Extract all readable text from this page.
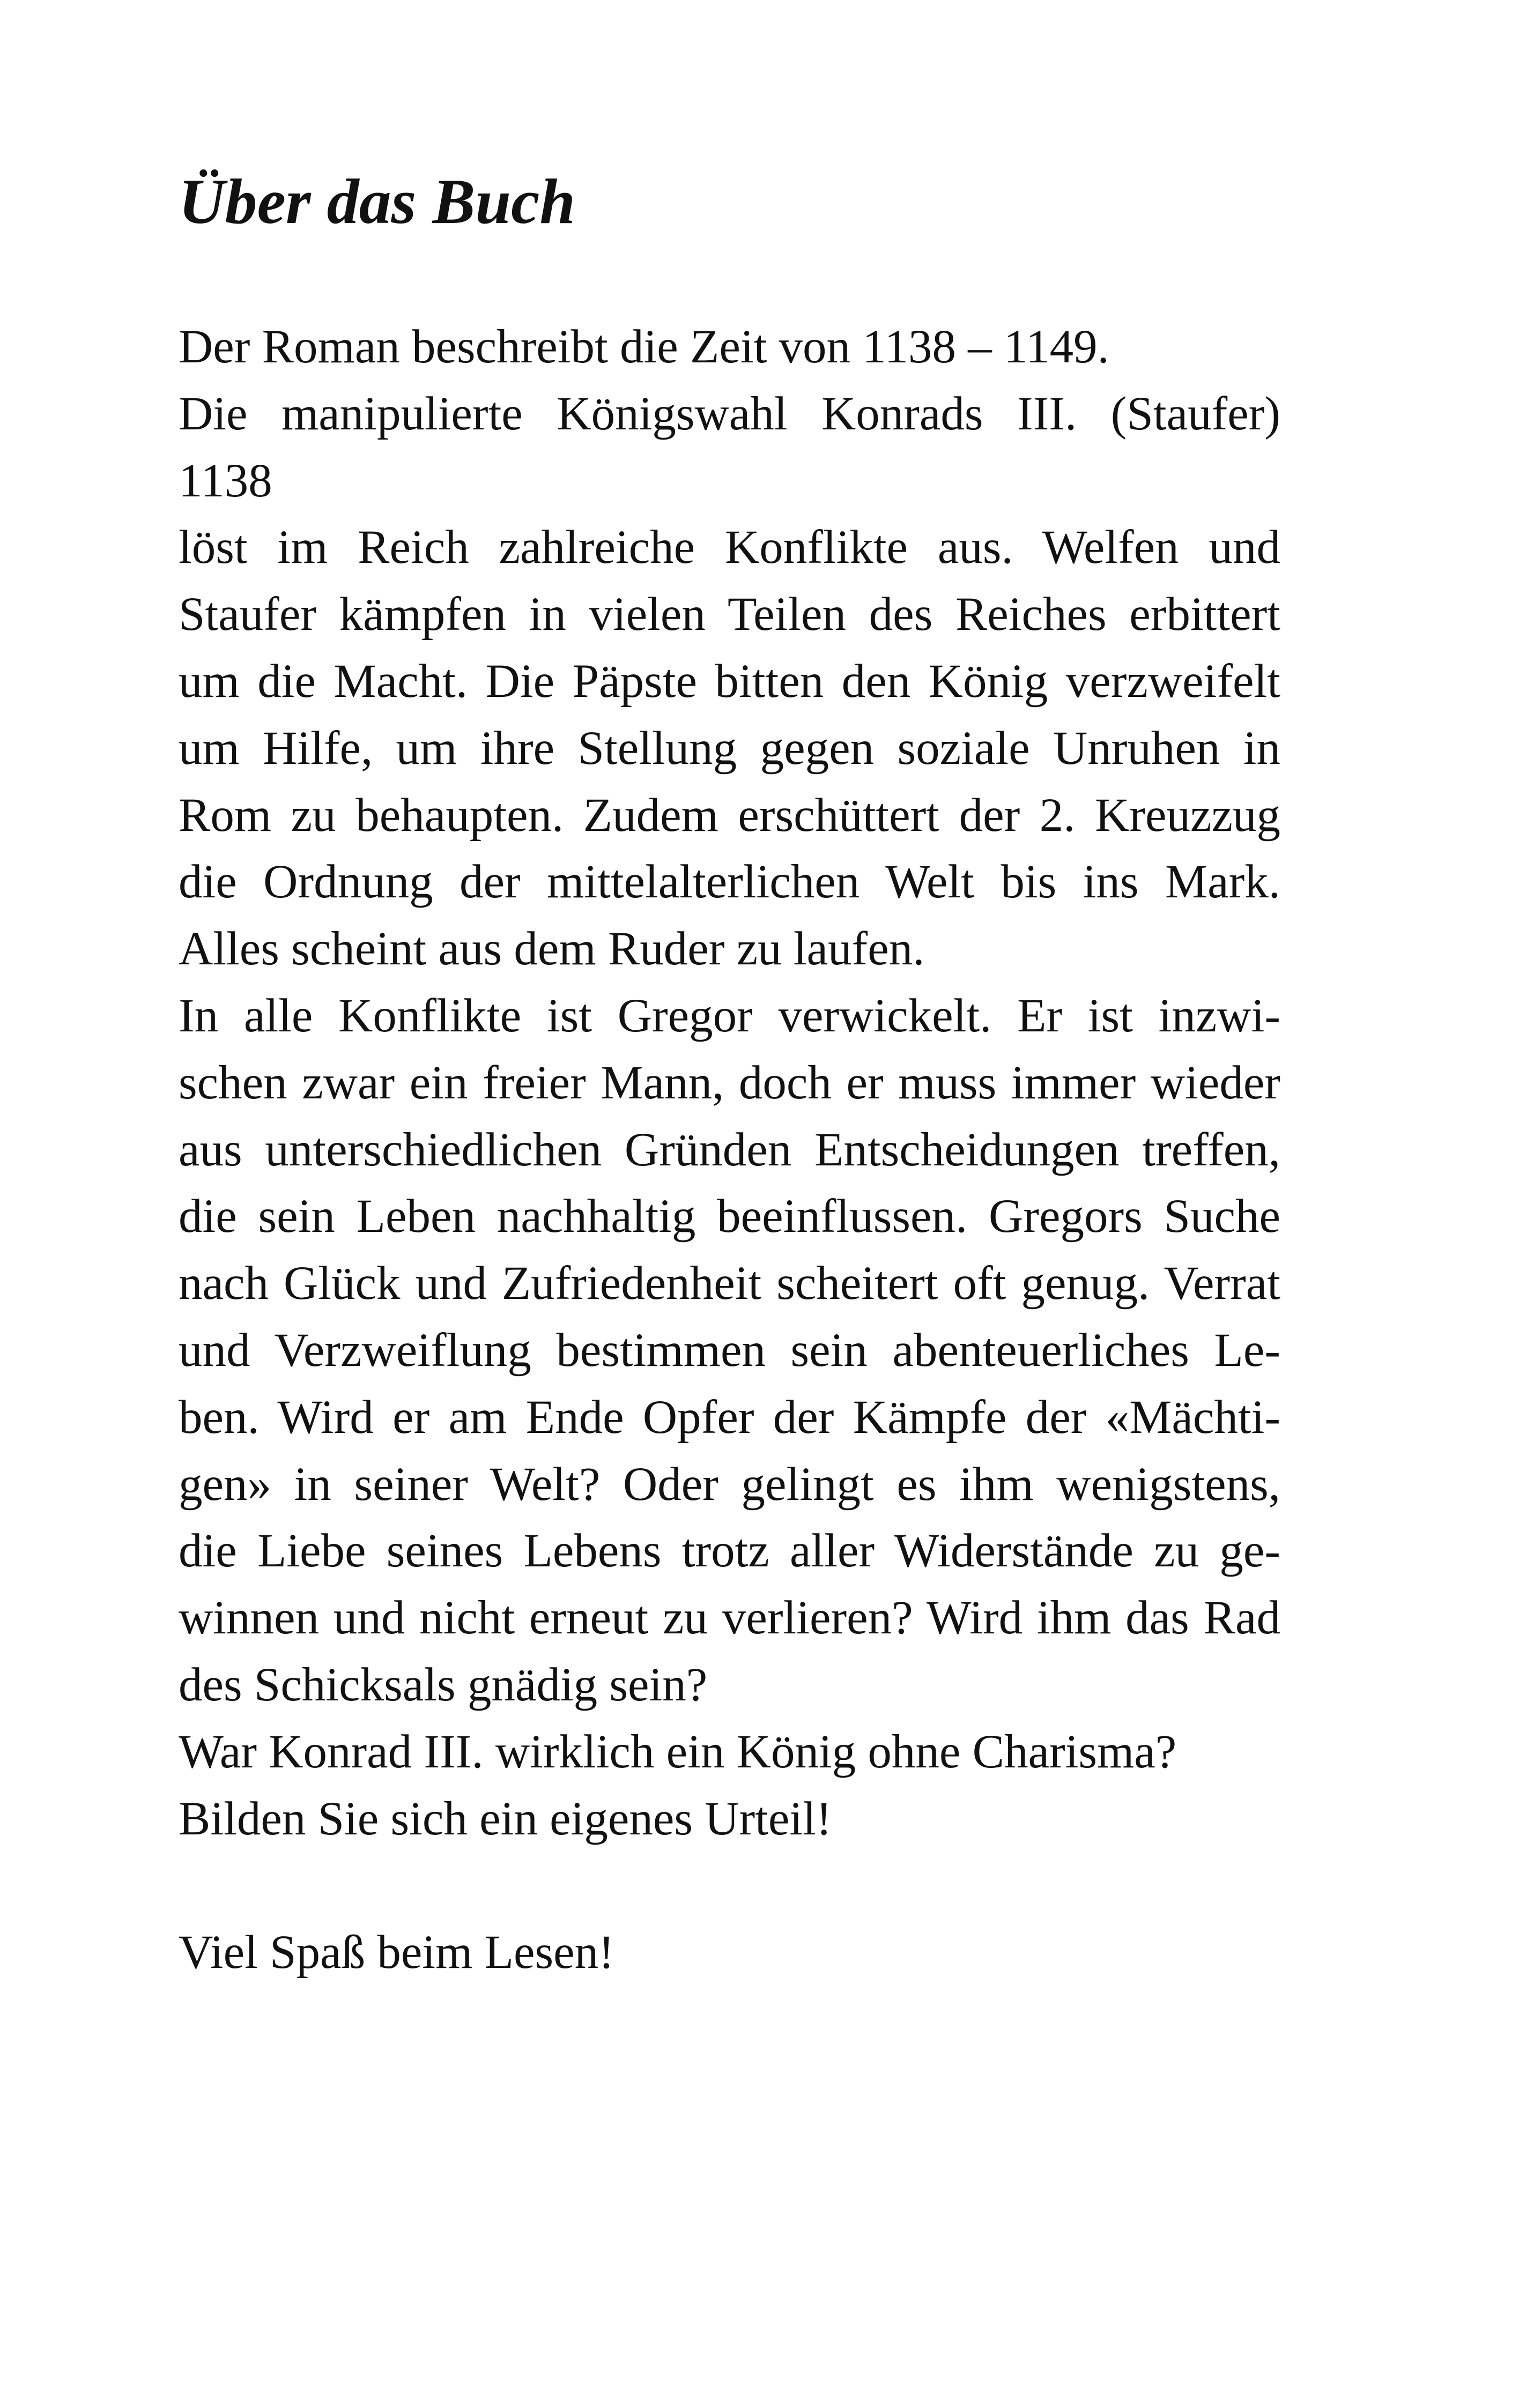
Über das Buch
Der Roman beschreibt die Zeit von 1138 – 1149.
Die manipulierte Königswahl Konrads III. (Staufer)
1138
löst im Reich zahlreiche Konflikte aus. Welfen und
Staufer kämpfen in vielen Teilen des Reiches erbittert
um die Macht. Die Päpste bitten den König verzweifelt
um Hilfe, um ihre Stellung gegen soziale Unruhen in
Rom zu behaupten. Zudem erschüttert der 2. Kreuzzug
die Ordnung der mittelalterlichen Welt bis ins Mark.
Alles scheint aus dem Ruder zu laufen.
In alle Konflikte ist Gregor verwickelt. Er ist inzwi-
schen zwar ein freier Mann, doch er muss immer wieder
aus unterschiedlichen Gründen Entscheidungen treffen,
die sein Leben nachhaltig beeinflussen. Gregors Suche
nach Glück und Zufriedenheit scheitert oft genug. Verrat
und Verzweiflung bestimmen sein abenteuerliches Le-
ben. Wird er am Ende Opfer der Kämpfe der «Mächti-
gen» in seiner Welt? Oder gelingt es ihm wenigstens,
die Liebe seines Lebens trotz aller Widerstände zu ge-
winnen und nicht erneut zu verlieren? Wird ihm das Rad
des Schicksals gnädig sein?
War Konrad III. wirklich ein König ohne Charisma?
Bilden Sie sich ein eigenes Urteil!
Viel Spaß beim Lesen!
